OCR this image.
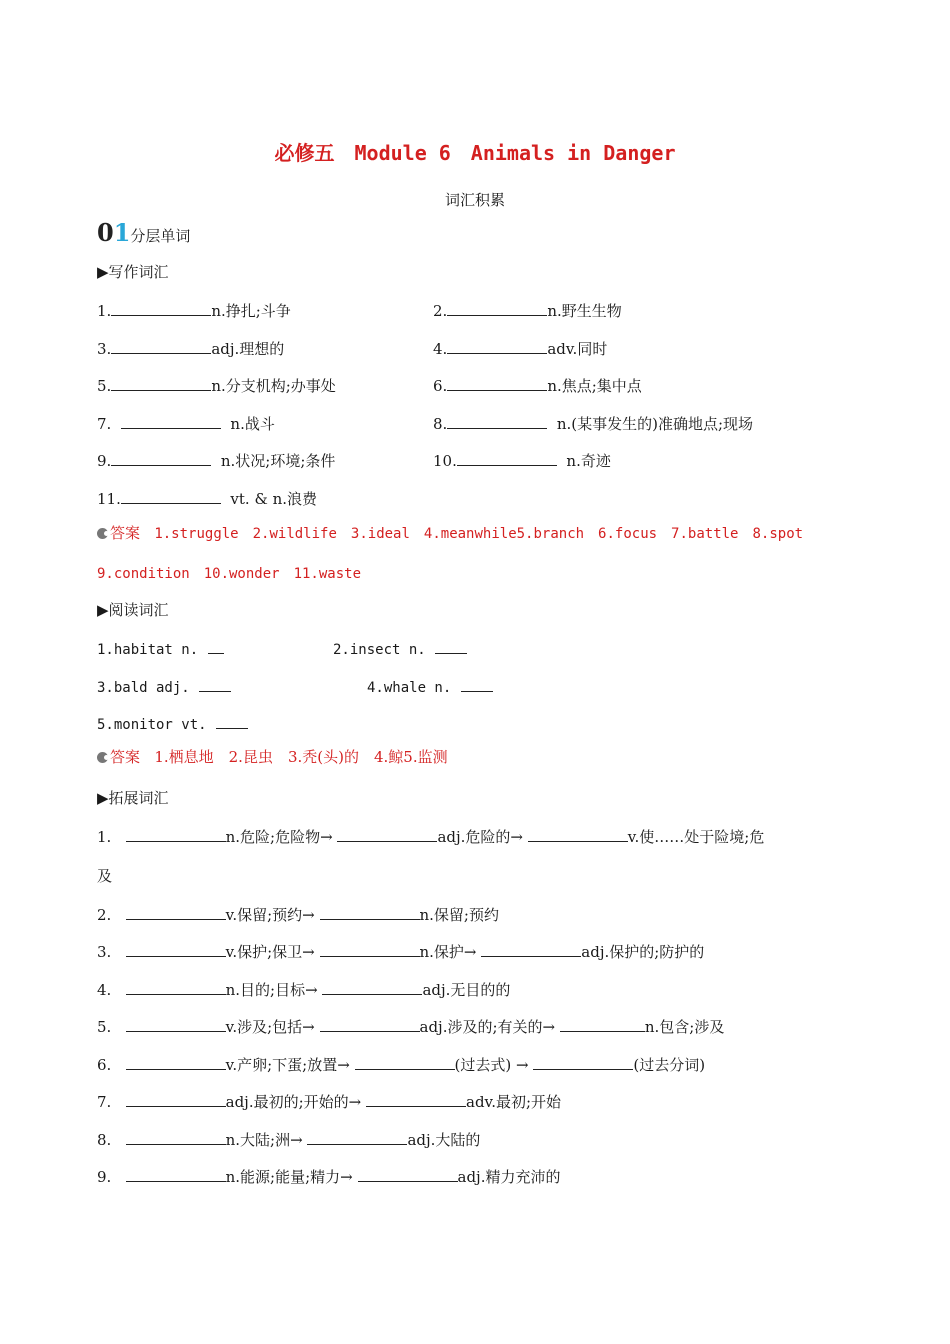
必修五　Module 6　Animals in Danger
词汇积累
01分层单词
▶写作词汇
1.	n.挣扎;斗争	2.	n.野生生物
3.	adj.理想的	4.	adv.同时
5.	n.分支机构;办事处	6.	n.焦点;集中点
7.	n.战斗	8.	n.(某事发生的)准确地点;现场
9.	n.状况;环境;条件	10.	n.奇迹
11.	vt. & n.浪费
答案 1.struggle　2.wildlife　3.ideal　4.meanwhile5.branch　6.focus　7.battle　8.spot
9.condition　10.wonder　11.waste
▶阅读词汇
1.habitat n.	2.insect n.
3.bald adj.	4.whale n.
5.monitor vt.
答案 1.栖息地　2.昆虫　3.秃(头)的　4.鲸5.监测
▶拓展词汇
1.	n.危险;危险物→	adj.危险的→	v.使……处于险境;危
及
2.	v.保留;预约→	n.保留;预约
3.	v.保护;保卫→	n.保护→	adj.保护的;防护的
4.	n.目的;目标→	adj.无目的的
5.	v.涉及;包括→	adj.涉及的;有关的→	n.包含;涉及
6.	v.产卵;下蛋;放置→	(过去式) →	(过去分词)
7.	adj.最初的;开始的→	adv.最初;开始
8.	n.大陆;洲→	adj.大陆的
9.	n.能源;能量;精力→	adj.精力充沛的
